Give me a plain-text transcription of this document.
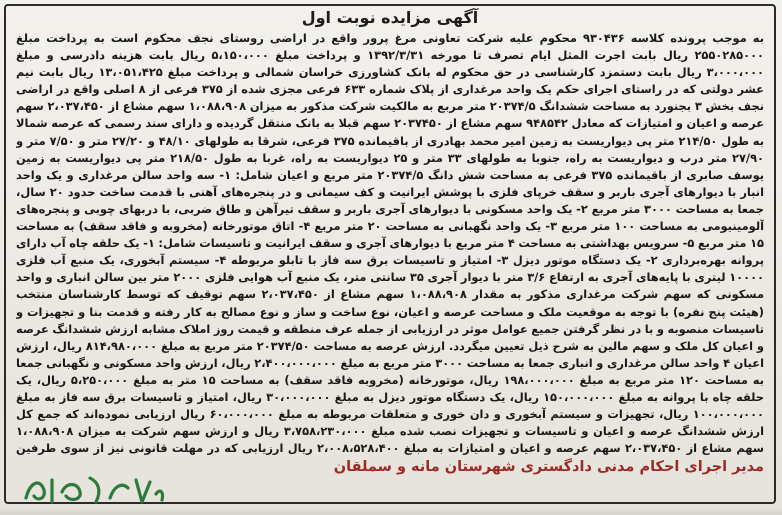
آگهی مزایده نوبت اول
به موجب پرونده کلاسه ۹۳۰۴۳۶ محکوم علیه شرکت تعاونی مرغ پرور واقع در اراضی روستای نجف محکوم است به پرداخت مبلغ ۲۵۵۰۲۸۵۰۰۰ ریال بابت اجرت المثل ایام تصرف تا مورخه ۱۳۹۲/۳/۳۱ و پرداخت مبلغ ۵،۱۵۰،۰۰۰ ریال بابت هزینه دادرسی و مبلغ ۳،۰۰۰،۰۰۰ ریال بابت دستمزد کارشناسی در حق محکوم له بانک کشاورزی خراسان شمالی و پرداخت مبلغ ۱۳،۰۵۱،۴۲۵ ریال بابت نیم عشر دولتی که در راستای اجرای حکم یک واحد مرغداری از پلاک شماره ۶۳۳ فرعی مجزی شده از ۳۷۵ فرعی از ۸ اصلی واقع در اراضی نجف بخش ۳ بجنورد به مساحت ششدانگ ۲۰۳۷۴/۵ متر مربع به مالکیت شرکت مذکور به میزان ۱،۰۸۸،۹۰۸ سهم مشاع از ۲،۰۳۷،۴۵۰ سهم عرصه و اعیان و امتیازات که معادل ۹۴۸۵۴۲ سهم مشاع از ۲۰۳۷۴۵۰ سهم قبلا به بانک منتقل گردیده و دارای سند رسمی که عرصه شمالا به طول ۲۱۴/۵۰ متر پی دیواریست به زمین امیر محمد بهادری از باقیمانده ۳۷۵ فرعی، شرقا به طولهای ۴۸/۱۰ و ۲۷/۲۰ متر و ۷/۵۰ متر و ۲۷/۹۰ متر درب و دیواریست به راه، جنوبا به طولهای ۳۳ متر و ۲۵ دیواریست به راه، غربا به طول ۲۱۸/۵۰ متر پی دیواریست به زمین یوسف صابری از باقیمانده ۳۷۵ فرعی به مساحت شش دانگ ۲۰۳۷۴/۵ متر مربع و اعیان شامل: ۱- سه واحد سالن مرغداری و یک واحد انبار با دیوارهای آجری باربر و سقف خرپای فلزی با پوشش ایرانیت و کف سیمانی و در پنجره‌های آهنی با قدمت ساخت حدود ۲۰ سال، جمعا به مساحت ۳۰۰۰ متر مربع ۲- یک واحد مسکونی با دیوارهای آجری باربر و سقف تیرآهن و طاق ضربی، با دربهای چوبی و پنجره‌های آلومینیومی به مساحت ۱۰۰ متر مربع ۳- یک واحد نگهبانی به مساحت ۲۰ متر مربع ۴- اتاق موتورخانه (مخروبه و فاقد سقف) به مساحت ۱۵ متر مربع ۵- سرویس بهداشتی به مساحت ۴ متر مربع با دیوارهای آجری و سقف ایرانیت و تاسیسات شامل: ۱- یک حلقه چاه آب دارای پروانه بهره‌برداری ۲- یک دستگاه موتور دیزل ۳- امتیاز و تاسیسات برق سه فاز با تابلو مربوطه ۴- سیستم آبخوری، یک منبع آب فلزی ۱۰۰۰۰ لیتری با پایه‌های آجری به ارتفاع ۳/۶ متر با دیوار آجری ۳۵ سانتی متر، یک منبع آب هوایی فلزی ۲۰۰۰ متر بین سالن انباری و واحد مسکونی که سهم شرکت مرغداری مذکور به مقدار ۱،۰۸۸،۹۰۸ سهم مشاع از ۲،۰۳۷،۴۵۰ سهم توقیف که توسط کارشناسان منتخب (هیئت پنج نفره) با توجه به موقعیت ملک و مساحت عرصه و اعیان، نوع ساخت و ساز و نوع مصالح به کار رفته و قدمت بنا و تجهیزات و تاسیسات منصوبه و با در نظر گرفتن جمیع عوامل موثر در ارزیابی از جمله عرف منطقه و قیمت روز املاک مشابه ارزش ششدانگ عرصه و اعیان کل ملک و سهم مالین به شرح ذیل تعیین میگردد. ارزش عرصه به مساحت ۲۰۳۷۴/۵۰ متر مربع به مبلغ ۸۱۴،۹۸۰،۰۰۰ ریال، ارزش اعیان ۴ واحد سالن مرغداری و انباری جمعا به مساحت ۳۰۰۰ متر مربع به مبلغ ۲،۴۰۰،۰۰۰،۰۰۰ ریال، ارزش واحد مسکونی و نگهبانی جمعا به مساحت ۱۲۰ متر مربع به مبلغ ۱۹۸،۰۰۰،۰۰۰ ریال، موتورخانه (مخروبه فاقد سقف) به مساحت ۱۵ متر به مبلغ ۵،۲۵۰،۰۰۰ ریال، یک حلقه چاه با پروانه به مبلغ ۱۵۰،۰۰۰،۰۰۰ ریال، یک دستگاه موتور دیزل به مبلغ ۳۰،۰۰۰،۰۰۰ ریال، امتیاز و تاسیسات برق سه فاز به مبلغ ۱۰۰،۰۰۰،۰۰۰ ریال، تجهیزات و سیستم آبخوری و دان خوری و متعلقات مربوطه به مبلغ ۶۰،۰۰۰،۰۰۰ ریال ارزیابی نموده‌اند که جمع کل ارزش ششدانگ عرصه و اعیان و تاسیسات و تجهیزات نصب شده مبلغ ۳،۷۵۸،۲۳۰،۰۰۰ ریال و ارزش سهم شرکت به میزان ۱،۰۸۸،۹۰۸ سهم مشاع از ۲،۰۳۷،۴۵۰ سهم عرصه و اعیان و امتیازات به مبلغ ۲،۰۰۸،۵۲۸،۴۰۰ ریال ارزیابی که در مهلت قانونی نیز از سوی طرفین
مدیر اجرای احکام مدنی دادگستری شهرستان مانه و سملقان
